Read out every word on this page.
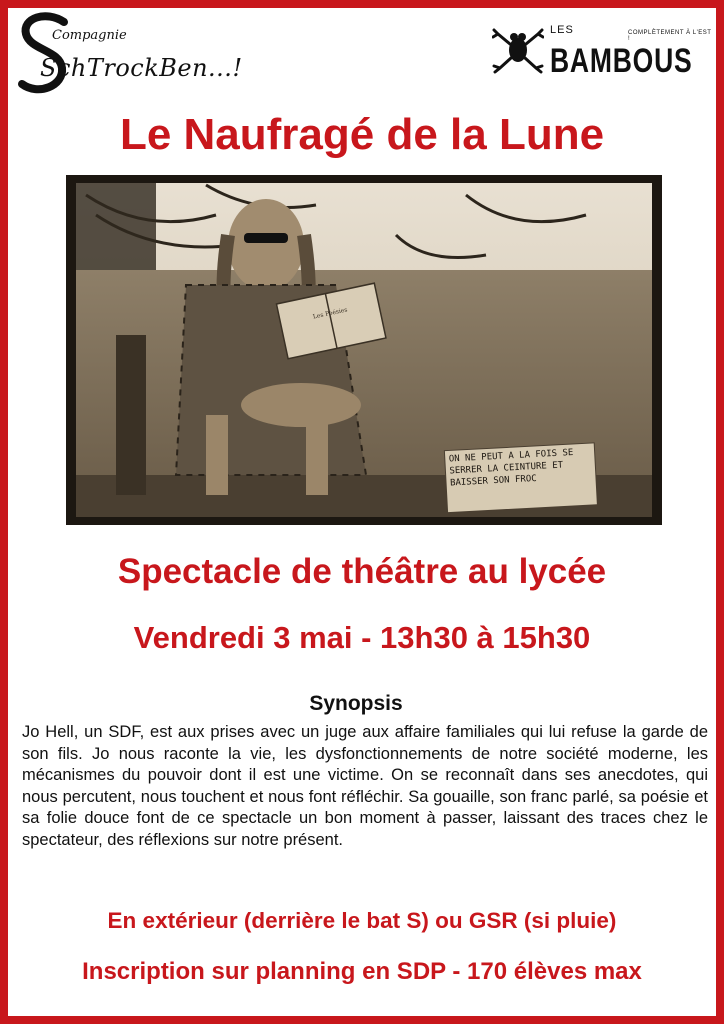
Compagnie
SchTrockBen...!
LES	COMPLÈTEMENT À L'EST !
BAMBOUS
Le Naufragé de la Lune
Les Poésies
ON NE PEUT A LA FOIS SE SERRER LA CEINTURE ET BAISSER SON FROC
Spectacle de théâtre au lycée
Vendredi 3 mai - 13h30 à 15h30
Synopsis

Jo Hell, un SDF, est aux prises avec un juge aux affaire familiales qui lui refuse la garde de son fils. Jo nous raconte la vie, les dysfonctionnements de notre société moderne, les mécanismes du pouvoir dont il est une victime. On se reconnaît dans ses anecdotes, qui nous percutent, nous touchent et nous font réfléchir. Sa gouaille, son franc parlé, sa poésie et sa folie douce font de ce spectacle un bon moment à passer, laissant des traces chez le spectateur, des réflexions sur notre présent.

En extérieur (derrière le bat S) ou GSR (si pluie)

Inscription sur planning en SDP - 170 élèves max
